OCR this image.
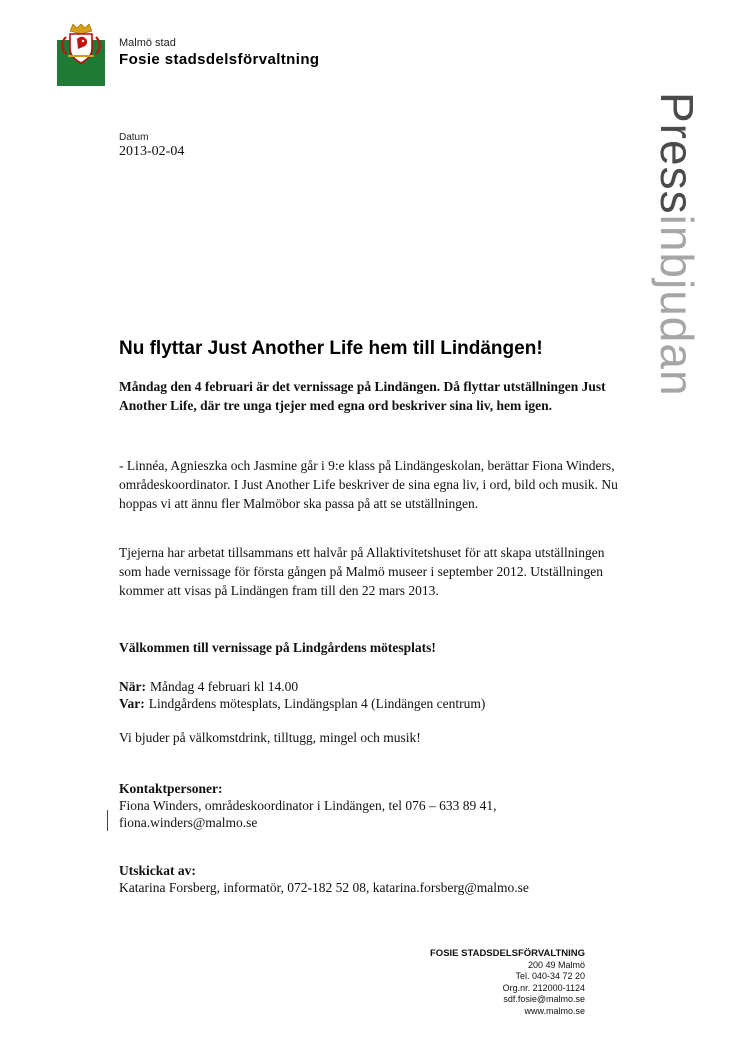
Malmö stad
Fosie stadsdelsförvaltning
Datum
2013-02-04	Pressinbjudan
Nu flyttar Just Another Life hem till Lindängen!

Måndag den 4 februari är det vernissage på Lindängen. Då flyttar utställningen Just Another Life, där tre unga tjejer med egna ord beskriver sina liv, hem igen.

- Linnéa, Agnieszka och Jasmine går i 9:e klass på Lindängeskolan, berättar Fiona Winders, områdeskoordinator. I Just Another Life beskriver de sina egna liv, i ord, bild och musik. Nu hoppas vi att ännu fler Malmöbor ska passa på att se utställningen.

Tjejerna har arbetat tillsammans ett halvår på Allaktivitetshuset för att skapa utställningen som hade vernissage för första gången på Malmö museer i september 2012. Utställningen kommer att visas på Lindängen fram till den 22 mars 2013.

Välkommen till vernissage på Lindgårdens mötesplats!

När: Måndag 4 februari kl 14.00

Var: Lindgårdens mötesplats, Lindängsplan 4 (Lindängen centrum)

Vi bjuder på välkomstdrink, tilltugg, mingel och musik!

Kontaktpersoner:

Fiona Winders, områdeskoordinator i Lindängen, tel 076 – 633 89 41,

fiona.winders@malmo.se

Utskickat av:

Katarina Forsberg, informatör, 072-182 52 08, katarina.forsberg@malmo.se

FOSIE STADSDELSFÖRVALTNING
200 49 Malmö
Tel. 040-34 72 20
Org.nr. 212000-1124
sdf.fosie@malmo.se
www.malmo.se
